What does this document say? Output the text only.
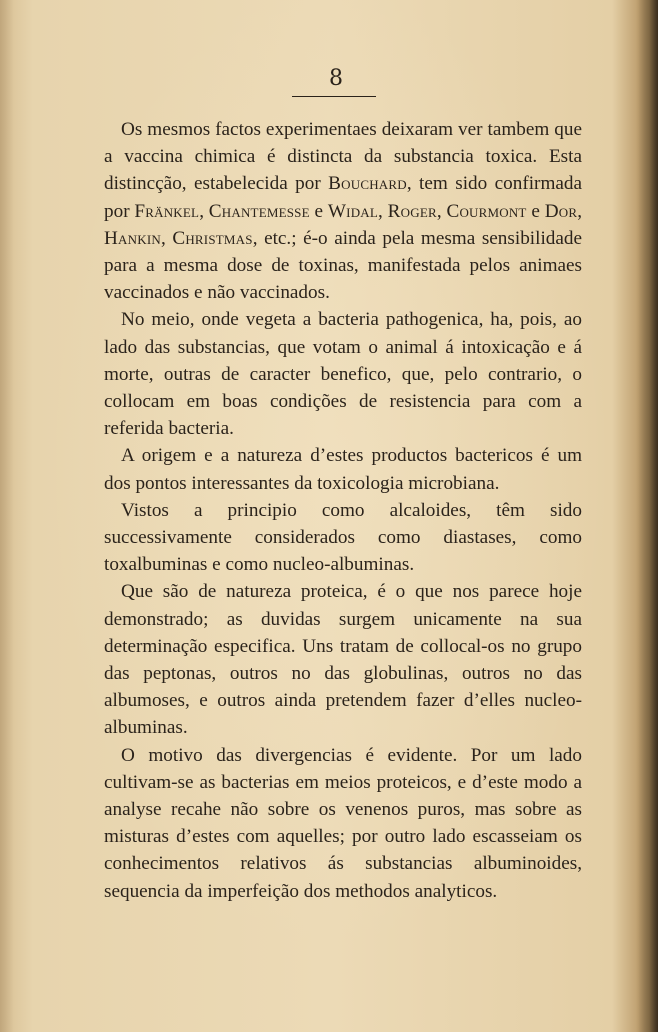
8

Os mesmos factos experimentaes deixaram ver tambem que a vaccina chimica é distincta da substancia toxica. Esta distincção, estabelecida por Bouchard, tem sido confirmada por Fränkel, Chantemesse e Widal, Roger, Courmont e Dor, Hankin, Christmas, etc.; é-o ainda pela mesma sensibilidade para a mesma dose de toxinas, manifestada pelos animaes vaccinados e não vaccinados.

No meio, onde vegeta a bacteria pathogenica, ha, pois, ao lado das substancias, que votam o animal á intoxicação e á morte, outras de caracter benefico, que, pelo contrario, o collocam em boas condições de resistencia para com a referida bacteria.

A origem e a natureza d’estes productos bactericos é um dos pontos interessantes da toxicologia microbiana.

Vistos a principio como alcaloides, têm sido successivamente considerados como diastases, como toxalbuminas e como nucleo-albuminas.

Que são de natureza proteica, é o que nos parece hoje demonstrado; as duvidas surgem unicamente na sua determinação especifica. Uns tratam de collocal-os no grupo das peptonas, outros no das globulinas, outros no das albumoses, e outros ainda pretendem fazer d’elles nucleo-albuminas.

O motivo das divergencias é evidente. Por um lado cultivam-se as bacterias em meios proteicos, e d’este modo a analyse recahe não sobre os venenos puros, mas sobre as misturas d’estes com aquelles; por outro lado escasseiam os conhecimentos relativos ás substancias albuminoides, sequencia da imperfeição dos methodos analyticos.
